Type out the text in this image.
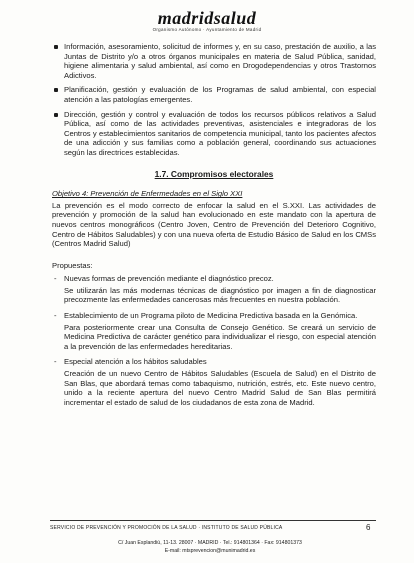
madridsalud
Organismo Autónomo · Ayuntamiento de Madrid
Información, asesoramiento, solicitud de informes y, en su caso, prestación de auxilio, a las Juntas de Distrito y/o a otros órganos municipales en materia de Salud Pública, sanidad, higiene alimentaria y salud ambiental, así como en Drogodependencias y otros Trastornos Adictivos.
Planificación, gestión y evaluación de los Programas de salud ambiental, con especial atención a las patologías emergentes.
Dirección, gestión y control y evaluación de todos los recursos públicos relativos a Salud Pública, así como de las actividades preventivas, asistenciales e integradoras de los Centros y establecimientos sanitarios de competencia municipal, tanto los pacientes afectos de una adicción y sus familias como a población general, coordinando sus actuaciones según las directrices establecidas.
1.7. Compromisos electorales
Objetivo 4: Prevención de Enfermedades en el Siglo XXI
La prevención es el modo correcto de enfocar la salud en el S.XXI. Las actividades de prevención y promoción de la salud han evolucionado en este mandato con la apertura de nuevos centros monográficos (Centro Joven, Centro de Prevención del Deterioro Cognitivo, Centro de Hábitos Saludables) y con una nueva oferta de Estudio Básico de Salud en los CMSs (Centros Madrid Salud)
Propuestas:
- Nuevas formas de prevención mediante el diagnóstico precoz.
Se utilizarán las más modernas técnicas de diagnóstico por imagen a fin de diagnosticar precozmente las enfermedades cancerosas más frecuentes en nuestra población.
- Establecimiento de un Programa piloto de Medicina Predictiva basada en la Genómica.
Para posteriormente crear una Consulta de Consejo Genético. Se creará un servicio de Medicina Predictiva de carácter genético para individualizar el riesgo, con especial atención a la prevención de las enfermedades hereditarias.
- Especial atención a los hábitos saludables
Creación de un nuevo Centro de Hábitos Saludables (Escuela de Salud) en el Distrito de San Blas, que abordará temas como tabaquismo, nutrición, estrés, etc. Este nuevo centro, unido a la reciente apertura del nuevo Centro Madrid Salud de San Blas permitirá incrementar el estado de salud de los ciudadanos de esta zona de Madrid.
SERVICIO DE PREVENCIÓN Y PROMOCIÓN DE LA SALUD · INSTITUTO DE SALUD PÚBLICA	6
C/ Juan Esplandiú, 11-13. 28007 · MADRID · Tel.: 914801364 · Fax: 914801373
E-mail: mtsprevencion@munimadrid.es
